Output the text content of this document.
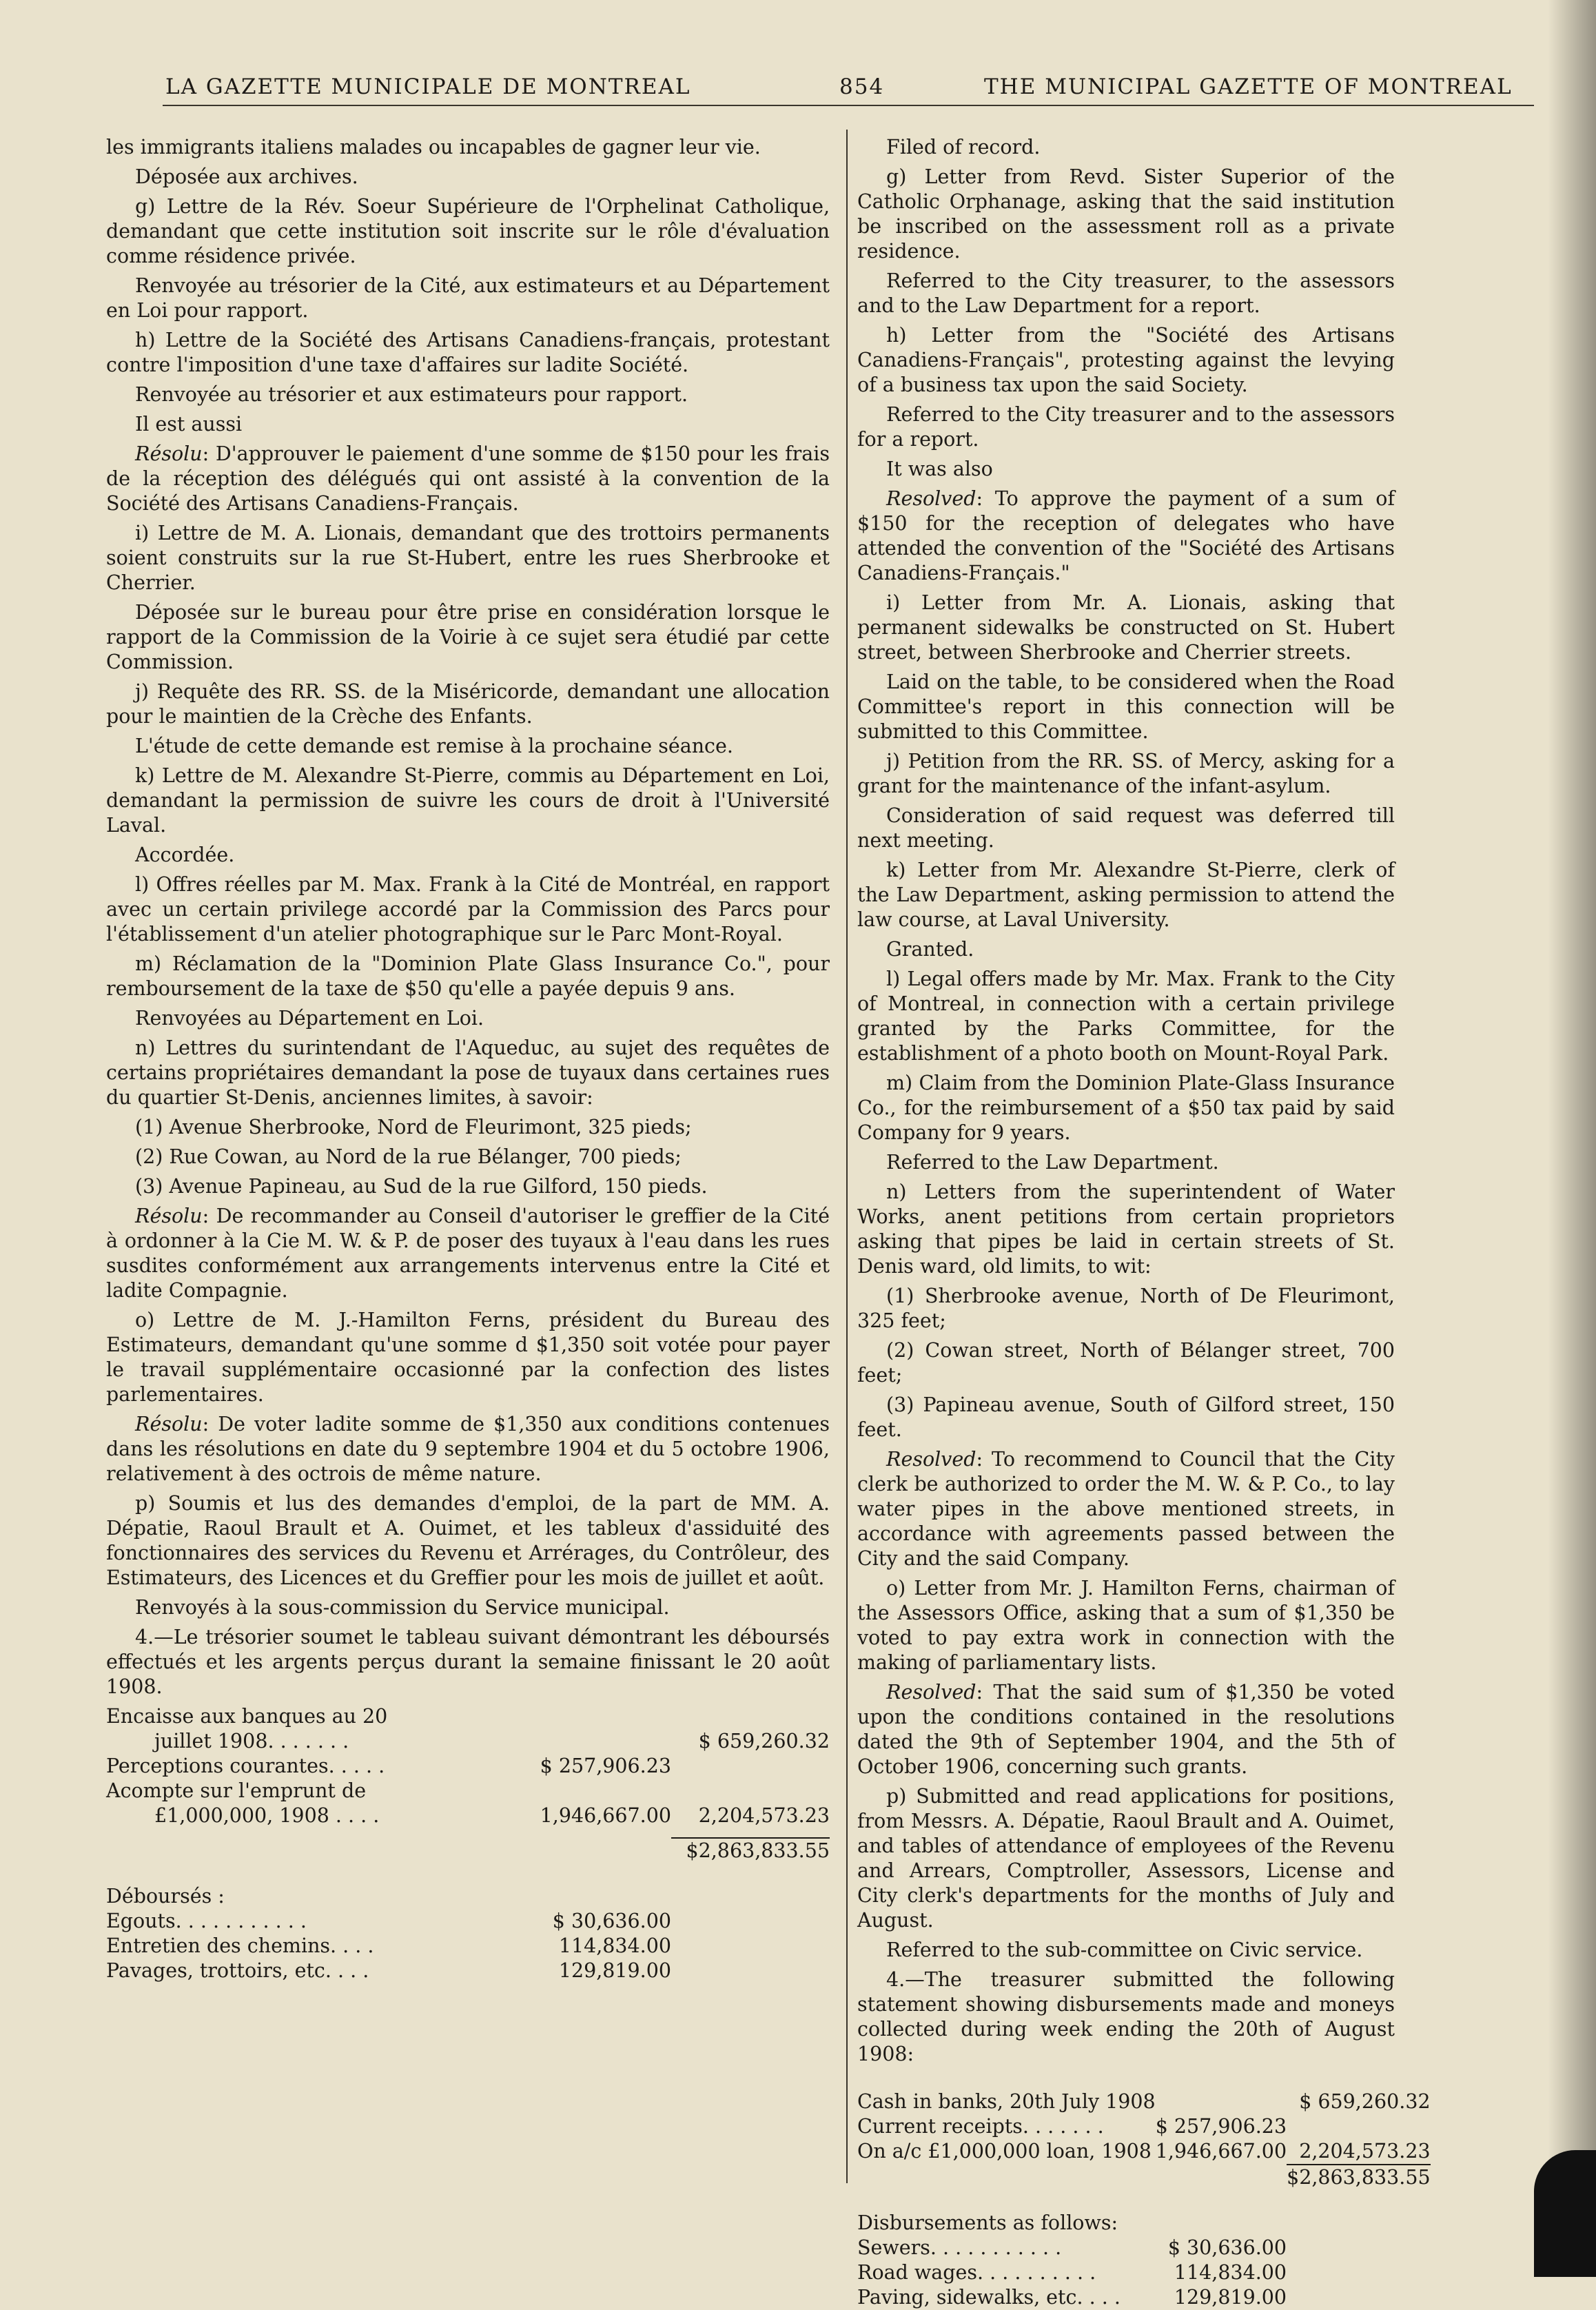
LA GAZETTE MUNICIPALE DE MONTREAL	854	THE MUNICIPAL GAZETTE OF MONTREAL

les immigrants italiens malades ou incapables de gagner leur vie.

Déposée aux archives.

g) Lettre de la Rév. Soeur Supérieure de l'Orphelinat Catholique, demandant que cette institution soit inscrite sur le rôle d'évaluation comme résidence privée.

Renvoyée au trésorier de la Cité, aux estimateurs et au Département en Loi pour rapport.

h) Lettre de la Société des Artisans Canadiens-français, protestant contre l'imposition d'une taxe d'affaires sur ladite Société.

Renvoyée au trésorier et aux estimateurs pour rapport.

Il est aussi

Résolu: D'approuver le paiement d'une somme de $150 pour les frais de la réception des délégués qui ont assisté à la convention de la Société des Artisans Canadiens-Français.

i) Lettre de M. A. Lionais, demandant que des trottoirs permanents soient construits sur la rue St-Hubert, entre les rues Sherbrooke et Cherrier.

Déposée sur le bureau pour être prise en considération lorsque le rapport de la Commission de la Voirie à ce sujet sera étudié par cette Commission.

j) Requête des RR. SS. de la Miséricorde, demandant une allocation pour le maintien de la Crèche des Enfants.

L'étude de cette demande est remise à la prochaine séance.

k) Lettre de M. Alexandre St-Pierre, commis au Département en Loi, demandant la permission de suivre les cours de droit à l'Université Laval.

Accordée.

l) Offres réelles par M. Max. Frank à la Cité de Montréal, en rapport avec un certain privilege accordé par la Commission des Parcs pour l'établissement d'un atelier photographique sur le Parc Mont-Royal.

m) Réclamation de la "Dominion Plate Glass Insurance Co.", pour remboursement de la taxe de $50 qu'elle a payée depuis 9 ans.

Renvoyées au Département en Loi.

n) Lettres du surintendant de l'Aqueduc, au sujet des requêtes de certains propriétaires demandant la pose de tuyaux dans certaines rues du quartier St-Denis, anciennes limites, à savoir:

(1) Avenue Sherbrooke, Nord de Fleurimont, 325 pieds;

(2) Rue Cowan, au Nord de la rue Bélanger, 700 pieds;

(3) Avenue Papineau, au Sud de la rue Gilford, 150 pieds.

Résolu: De recommander au Conseil d'autoriser le greffier de la Cité à ordonner à la Cie M. W. & P. de poser des tuyaux à l'eau dans les rues susdites conformément aux arrangements intervenus entre la Cité et ladite Compagnie.

o) Lettre de M. J.-Hamilton Ferns, président du Bureau des Estimateurs, demandant qu'une somme d $1,350 soit votée pour payer le travail supplémentaire occasionné par la confection des listes parlementaires.

Résolu: De voter ladite somme de $1,350 aux conditions contenues dans les résolutions en date du 9 septembre 1904 et du 5 octobre 1906, relativement à des octrois de même nature.

p) Soumis et lus des demandes d'emploi, de la part de MM. A. Dépatie, Raoul Brault et A. Ouimet, et les tableux d'assiduité des fonctionnaires des services du Revenu et Arrérages, du Contrôleur, des Estimateurs, des Licences et du Greffier pour les mois de juillet et août.

Renvoyés à la sous-commission du Service municipal.

4.—Le trésorier soumet le tableau suivant démontrant les déboursés effectués et les argents perçus durant la semaine finissant le 20 août 1908.

Encaisse aux banques au 20		
juillet 1908. . . . . . .		$ 659,260.32
Perceptions courantes. . . . .	$ 257,906.23	
Acompte sur l'emprunt de		
£1,000,000, 1908 . . . .	1,946,667.00	2,204,573.23

		$2,863,833.55

Déboursés :		
Egouts. . . . . . . . . . .	$ 30,636.00	
Entretien des chemins. . . .	114,834.00	
Pavages, trottoirs, etc. . . .	129,819.00	

Filed of record.

g) Letter from Revd. Sister Superior of the Catholic Orphanage, asking that the said institution be inscribed on the assessment roll as a private residence.

Referred to the City treasurer, to the assessors and to the Law Department for a report.

h) Letter from the "Société des Artisans Canadiens-Français", protesting against the levying of a business tax upon the said Society.

Referred to the City treasurer and to the assessors for a report.

It was also

Resolved: To approve the payment of a sum of $150 for the reception of delegates who have attended the convention of the "Société des Artisans Canadiens-Français."

i) Letter from Mr. A. Lionais, asking that permanent sidewalks be constructed on St. Hubert street, between Sherbrooke and Cherrier streets.

Laid on the table, to be considered when the Road Committee's report in this connection will be submitted to this Committee.

j) Petition from the RR. SS. of Mercy, asking for a grant for the maintenance of the infant-asylum.

Consideration of said request was deferred till next meeting.

k) Letter from Mr. Alexandre St-Pierre, clerk of the Law Department, asking permission to attend the law course, at Laval University.

Granted.

l) Legal offers made by Mr. Max. Frank to the City of Montreal, in connection with a certain privilege granted by the Parks Committee, for the establishment of a photo booth on Mount-Royal Park.

m) Claim from the Dominion Plate-Glass Insurance Co., for the reimbursement of a $50 tax paid by said Company for 9 years.

Referred to the Law Department.

n) Letters from the superintendent of Water Works, anent petitions from certain proprietors asking that pipes be laid in certain streets of St. Denis ward, old limits, to wit:

(1) Sherbrooke avenue, North of De Fleurimont, 325 feet;

(2) Cowan street, North of Bélanger street, 700 feet;

(3) Papineau avenue, South of Gilford street, 150 feet.

Resolved: To recommend to Council that the City clerk be authorized to order the M. W. & P. Co., to lay water pipes in the above mentioned streets, in accordance with agreements passed between the City and the said Company.

o) Letter from Mr. J. Hamilton Ferns, chairman of the Assessors Office, asking that a sum of $1,350 be voted to pay extra work in connection with the making of parliamentary lists.

Resolved: That the said sum of $1,350 be voted upon the conditions contained in the resolutions dated the 9th of September 1904, and the 5th of October 1906, concerning such grants.

p) Submitted and read applications for positions, from Messrs. A. Dépatie, Raoul Brault and A. Ouimet, and tables of attendance of employees of the Revenu and Arrears, Comptroller, Assessors, License and City clerk's departments for the months of July and August.

Referred to the sub-committee on Civic service.

4.—The treasurer submitted the following statement showing disbursements made and moneys collected during week ending the 20th of August 1908:

Cash in banks, 20th July 1908		$ 659,260.32
Current receipts. . . . . . .	$ 257,906.23	
On a/c £1,000,000 loan, 1908	1,946,667.00	2,204,573.23
		$2,863,833.55

Disbursements as follows:		
Sewers. . . . . . . . . . .	$ 30,636.00	
Road wages. . . . . . . . . .	114,834.00	
Paving, sidewalks, etc. . . .	129,819.00	
